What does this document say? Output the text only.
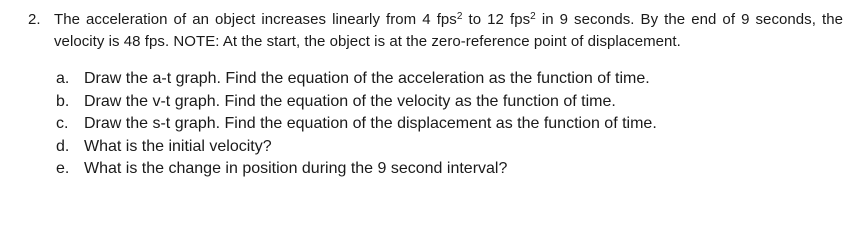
2. The acceleration of an object increases linearly from 4 fps$^2$ to 12 fps$^2$ in 9 seconds. By the end of 9 seconds, the velocity is 48 fps. NOTE: At the start, the object is at the zero-reference point of displacement.
a. Draw the a-t graph. Find the equation of the acceleration as the function of time.
b. Draw the v-t graph. Find the equation of the velocity as the function of time.
c. Draw the s-t graph. Find the equation of the displacement as the function of time.
d. What is the initial velocity?
e. What is the change in position during the 9 second interval?
